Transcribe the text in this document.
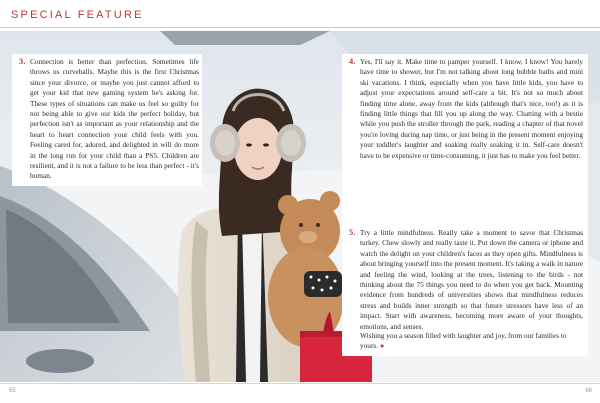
SPECIAL FEATURE
3. Connection is better than perfection. Sometimes life throws us curveballs. Maybe this is the first Christmas since your divorce, or maybe you just cannot afford to get your kid that new gaming system he's asking for. These types of situations can make us feel so guilty for not being able to give our kids the perfect holiday, but perfection isn't as important as your relationship and the heart to heart connection your child feels with you. Feeling cared for, adored, and delighted in will do more in the long run for your child than a PS5. Children are resilient, and it is not a failure to be less than perfect - it's human.
4. Yes, I'll say it. Make time to pamper yourself. I know, I know! You barely have time to shower, but I'm not talking about long bubble baths and mini ski vacations. I think, especially when you have little kids, you have to adjust your expectations around self-care a bit. It's not so much about finding time alone, away from the kids (although that's nice, too!) as it is finding little things that fill you up along the way. Chatting with a bestie while you push the stroller through the park, reading a chapter of that novel you're loving during nap time, or just being in the present moment enjoying your toddler's laughter and soaking really soaking it in. Self-care doesn't have to be expensive or time-consuming, it just has to make you feel better.
5. Try a little mindfulness. Really take a moment to savor that Christmas turkey. Chew slowly and really taste it. Put down the camera or iphone and watch the delight on your children's faces as they open gifts. Mindfulness is about bringing yourself into the present moment. It's taking a walk in nature and feeling the wind, looking at the trees, listening to the birds - not thinking about the 75 things you need to do when you get back. Mounting evidence from hundreds of universities shows that mindfulness reduces stress and builds inner strength so that future stressors have less of an impact. Start with awareness, becoming more aware of your thoughts, emotions, and senses.
Wishing you a season filled with laughter and joy, from our families to yours. ●
65	66
